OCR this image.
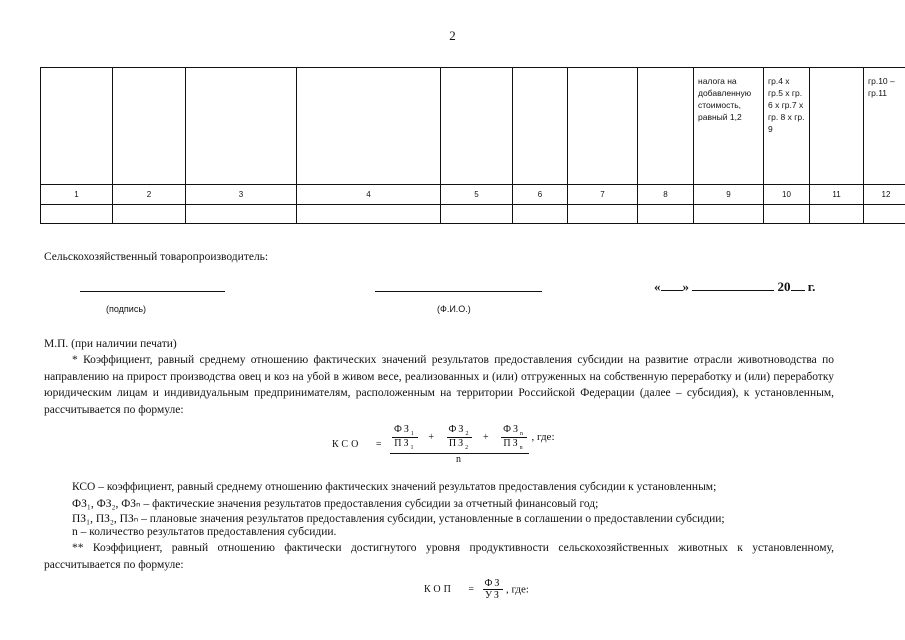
2

								налога на добавленную стоимость, равный 1,2	гр.4 х гр.5 х гр. 6 х гр.7 х гр. 8 х гр. 9		гр.10 – гр.11

1	2	3	4	5	6	7	8	9	10	11	12

Сельскохозяйственный товаропроизводитель:
(подпись)	(Ф.И.О.)
« »	20 г.
М.П. (при наличии печати)
* Коэффициент, равный среднему отношению фактических значений результатов предоставления субсидии на развитие отрасли животноводства по направлению на прирост производства овец и коз на убой в живом весе, реализованных и (или) отгруженных на собственную переработку и (или) переработку юридическим лицам и индивидуальным предпринимателям, расположенным на территории Российской Федерации (далее – субсидия), к установленным, рассчитывается по формуле:
КСО = $\frac{\frac{ФЗ_1}{ПЗ_1} + \frac{ФЗ_2}{ПЗ_2} + \frac{ФЗ_n}{ПЗ_n}}{n}$ , где:
КСО – коэффициент, равный среднему отношению фактических значений результатов предоставления субсидии к установленным;
ФЗ₁, ФЗ₂, ФЗₙ – фактические значения результатов предоставления субсидии за отчетный финансовый год;
ПЗ₁, ПЗ₂, ПЗₙ – плановые значения результатов предоставления субсидии, установленные в соглашении о предоставлении субсидии;
n – количество результатов предоставления субсидии.
** Коэффициент, равный отношению фактически достигнутого уровня продуктивности сельскохозяйственных животных к установленному, рассчитывается по формуле:
КОП = $\frac{ФЗ}{УЗ}$ , где:
